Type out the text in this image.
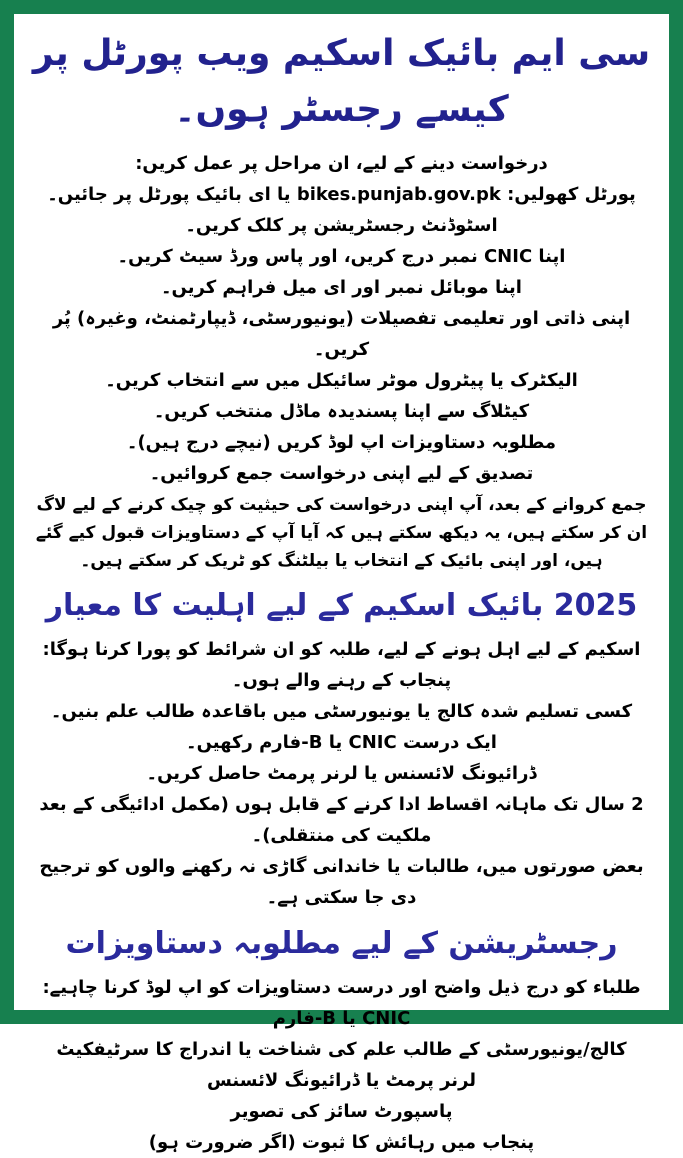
سی ایم بائیک اسکیم ویب پورٹل پر کیسے رجسٹر ہوں۔
درخواست دینے کے لیے، ان مراحل پر عمل کریں:
پورٹل کھولیں: bikes.punjab.gov.pk یا ای بائیک پورٹل پر جائیں۔
اسٹوڈنٹ رجسٹریشن پر کلک کریں۔
اپنا CNIC نمبر درج کریں، اور پاس ورڈ سیٹ کریں۔
اپنا موبائل نمبر اور ای میل فراہم کریں۔
اپنی ذاتی اور تعلیمی تفصیلات (یونیورسٹی، ڈیپارٹمنٹ، وغیرہ) پُر کریں۔
الیکٹرک یا پیٹرول موٹر سائیکل میں سے انتخاب کریں۔
کیٹلاگ سے اپنا پسندیدہ ماڈل منتخب کریں۔
مطلوبہ دستاویزات اپ لوڈ کریں (نیچے درج ہیں)۔
تصدیق کے لیے اپنی درخواست جمع کروائیں۔
جمع کروانے کے بعد، آپ اپنی درخواست کی حیثیت کو چیک کرنے کے لیے لاگ ان کر سکتے ہیں، یہ دیکھ سکتے ہیں کہ آیا آپ کے دستاویزات قبول کیے گئے ہیں، اور اپنی بائیک کے انتخاب یا بیلٹنگ کو ٹریک کر سکتے ہیں۔
2025 بائیک اسکیم کے لیے اہلیت کا معیار
اسکیم کے لیے اہل ہونے کے لیے، طلبہ کو ان شرائط کو پورا کرنا ہوگا:
پنجاب کے رہنے والے ہوں۔
کسی تسلیم شدہ کالج یا یونیورسٹی میں باقاعدہ طالب علم بنیں۔
ایک درست CNIC یا B-فارم رکھیں۔
ڈرائیونگ لائسنس یا لرنر پرمٹ حاصل کریں۔
2 سال تک ماہانہ اقساط ادا کرنے کے قابل ہوں (مکمل ادائیگی کے بعد ملکیت کی منتقلی)۔
بعض صورتوں میں، طالبات یا خاندانی گاڑی نہ رکھنے والوں کو ترجیح دی جا سکتی ہے۔
رجسٹریشن کے لیے مطلوبہ دستاویزات
طلباء کو درج ذیل واضح اور درست دستاویزات کو اپ لوڈ کرنا چاہیے:
CNIC یا B-فارم
کالج/یونیورسٹی کے طالب علم کی شناخت یا اندراج کا سرٹیفکیٹ
لرنر پرمٹ یا ڈرائیونگ لائسنس
پاسپورٹ سائز کی تصویر
پنجاب میں رہائش کا ثبوت (اگر ضرورت ہو)
